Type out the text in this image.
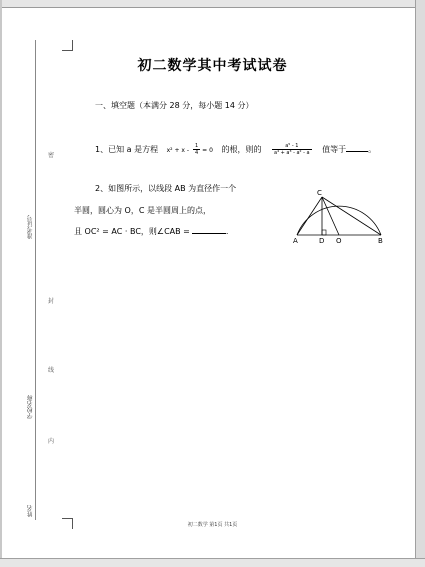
准考证号
学校名称
姓名
密
封
线
内
初二数学其中考试试卷
一、填空题（本满分 28 分，每小题 14 分）
1、已知 a 是方程 $x^2 + x - \frac{1}{4} = 0$ 的根，则的 $\frac{\text{a⁵ - 1}}{\text{a⁴ + a³ - a² - a}}$ 值等于	。
2、如图所示，以线段 AB 为直径作一个
半圆，圆心为 O，C 是半圆周上的点，
且 OC² = AC · BC，则∠CAB =	.
C
A	D O	B
初二数学 第1页 共1页
